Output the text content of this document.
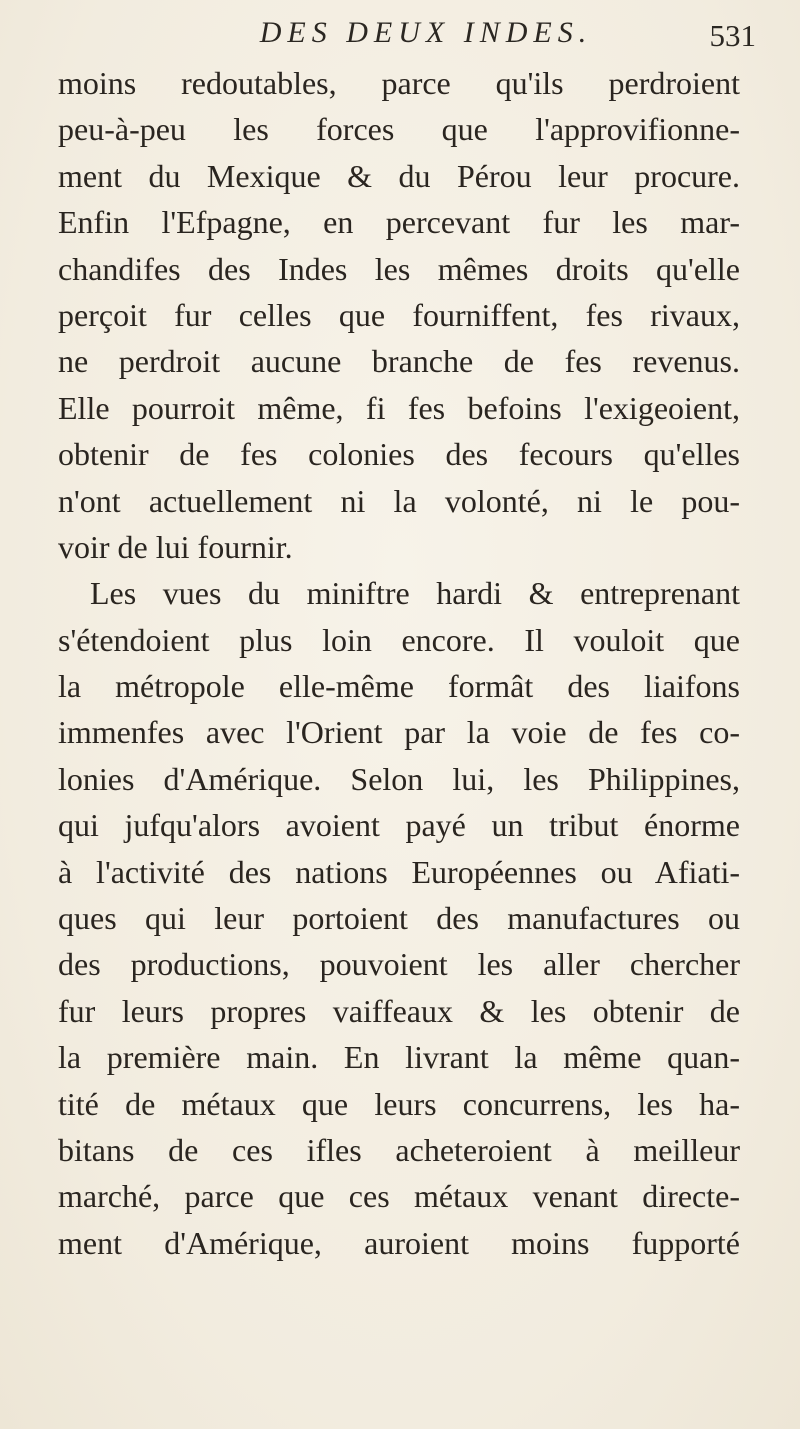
DES DEUX INDES.	531
moins redoutables, parce qu'ils perdroient
peu-à-peu les forces que l'approvifionne-
ment du Mexique & du Pérou leur procure.
Enfin l'Efpagne, en percevant fur les mar-
chandifes des Indes les mêmes droits qu'elle
perçoit fur celles que fourniffent, fes rivaux,
ne perdroit aucune branche de fes revenus.
Elle pourroit même, fi fes befoins l'exigeoient,
obtenir de fes colonies des fecours qu'elles
n'ont actuellement ni la volonté, ni le pou-
voir de lui fournir.
Les vues du miniftre hardi & entreprenant
s'étendoient plus loin encore. Il vouloit que
la métropole elle-même formât des liaifons
immenfes avec l'Orient par la voie de fes co-
lonies d'Amérique. Selon lui, les Philippines,
qui jufqu'alors avoient payé un tribut énorme
à l'activité des nations Européennes ou Afiati-
ques qui leur portoient des manufactures ou
des productions, pouvoient les aller chercher
fur leurs propres vaiffeaux & les obtenir de
la première main. En livrant la même quan-
tité de métaux que leurs concurrens, les ha-
bitans de ces ifles acheteroient à meilleur
marché, parce que ces métaux venant directe-
ment d'Amérique, auroient moins fupporté
